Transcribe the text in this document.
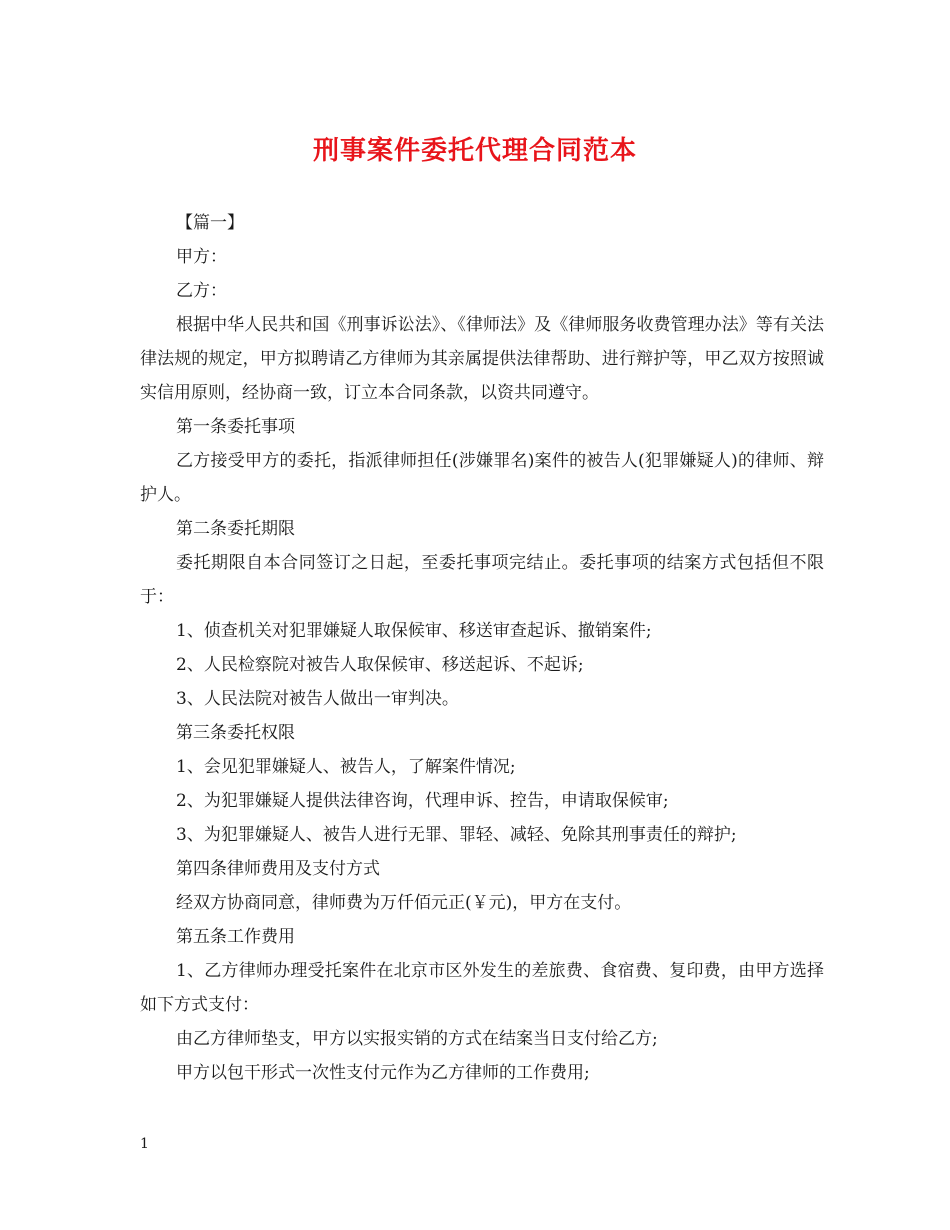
刑事案件委托代理合同范本

【篇一】

甲方：

乙方：

根据中华人民共和国《刑事诉讼法》、《律师法》及《律师服务收费管理办法》等有关法律法规的规定，甲方拟聘请乙方律师为其亲属提供法律帮助、进行辩护等，甲乙双方按照诚实信用原则，经协商一致，订立本合同条款，以资共同遵守。

第一条委托事项

乙方接受甲方的委托，指派律师担任(涉嫌罪名)案件的被告人(犯罪嫌疑人)的律师、辩护人。

第二条委托期限

委托期限自本合同签订之日起，至委托事项完结止。委托事项的结案方式包括但不限于：

1、侦查机关对犯罪嫌疑人取保候审、移送审查起诉、撤销案件;

2、人民检察院对被告人取保候审、移送起诉、不起诉;

3、人民法院对被告人做出一审判决。

第三条委托权限

1、会见犯罪嫌疑人、被告人，了解案件情况;

2、为犯罪嫌疑人提供法律咨询，代理申诉、控告，申请取保候审;

3、为犯罪嫌疑人、被告人进行无罪、罪轻、减轻、免除其刑事责任的辩护;

第四条律师费用及支付方式

经双方协商同意，律师费为万仟佰元正(￥元)，甲方在支付。

第五条工作费用

1、乙方律师办理受托案件在北京市区外发生的差旅费、食宿费、复印费，由甲方选择如下方式支付：

由乙方律师垫支，甲方以实报实销的方式在结案当日支付给乙方;

甲方以包干形式一次性支付元作为乙方律师的工作费用;

1
